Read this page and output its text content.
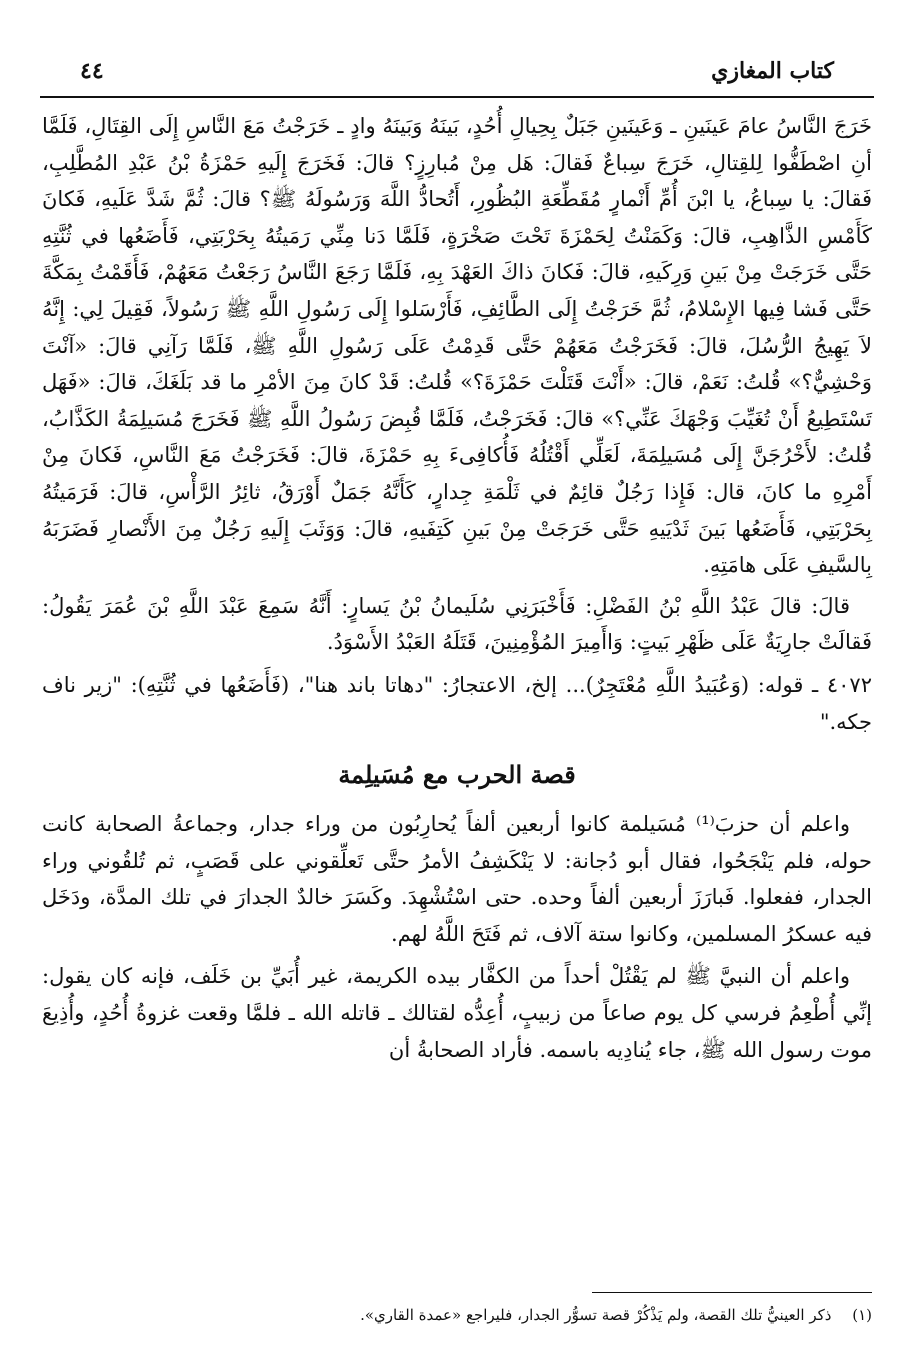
كتاب المغازي
٤٤

خَرَجَ النَّاسُ عامَ عَينَينِ ـ وَعَينَينِ جَبَلٌ بِحِيالِ أُحُدٍ، بَينَهُ وَبَينَهُ وادٍ ـ خَرَجْتُ مَعَ النَّاسِ إِلَى القِتَالِ، فَلَمَّا أنِ اصْطَفُّوا لِلقِتالِ، خَرَجَ سِباعٌ فَقالَ: هَل مِنْ مُبارِزٍ؟ قالَ: فَخَرَجَ إِلَيهِ حَمْزَةُ بْنُ عَبْدِ المُطَّلِبِ، فَقالَ: يا سِباعُ، يا ابْنَ أُمِّ أَنْمارٍ مُقَطِّعَةِ البُظُورِ، أَتُحادُّ اللَّهَ وَرَسُولَهُ ﷺ؟ قالَ: ثُمَّ شَدَّ عَلَيهِ، فَكانَ كَأَمْسِ الذَّاهِبِ، قالَ: وَكَمَنْتُ لِحَمْزَةَ تَحْتَ صَخْرَةٍ، فَلَمَّا دَنا مِنِّي رَمَيتُهُ بِحَرْبَتِي، فَأَضَعُها في ثُنَّتِهِ حَتَّى خَرَجَتْ مِنْ بَينِ وَرِكَيهِ، قالَ: فَكانَ ذاكَ العَهْدَ بِهِ، فَلَمَّا رَجَعَ النَّاسُ رَجَعْتُ مَعَهُمْ، فَأَقَمْتُ بِمَكَّةَ حَتَّى فَشا فِيها الإِسْلامُ، ثُمَّ خَرَجْتُ إِلَى الطَّائِفِ، فَأَرْسَلوا إِلَى رَسُولِ اللَّهِ ﷺ رَسُولاً، فَقِيلَ لِي: إِنَّهُ لاَ يَهِيجُ الرُّسُلَ، قالَ: فَخَرَجْتُ مَعَهُمْ حَتَّى قَدِمْتُ عَلَى رَسُولِ اللَّهِ ﷺ، فَلَمَّا رَآنِي قالَ: «آنْتَ وَحْشِيٌّ؟» قُلتُ: نَعَمْ، قالَ: «أَنْتَ قَتَلْتَ حَمْزَةَ؟» قُلتُ: قَدْ كانَ مِنَ الأمْرِ ما قد بَلَغَكَ، قالَ: «فَهَل تَسْتَطِيعُ أَنْ تُغَيِّبَ وَجْهَكَ عَنِّي؟» قالَ: فَخَرَجْتُ، فَلَمَّا قُبِضَ رَسُولُ اللَّهِ ﷺ فَخَرَجَ مُسَيلِمَةُ الكَذَّابُ، قُلتُ: لأَخْرُجَنَّ إِلَى مُسَيلِمَةَ، لَعَلِّي أَقْتُلُهُ فَأُكافِىءَ بِهِ حَمْزَةَ، قالَ: فَخَرَجْتُ مَعَ النَّاسِ، فَكانَ مِنْ أَمْرِهِ ما كانَ، قال: فَإِذا رَجُلٌ قائِمٌ في ثَلْمَةِ جِدارٍ، كَأَنَّهُ جَمَلٌ أَوْرَقُ، ثائِرُ الرَّأْسِ، قالَ: فَرَمَيتُهُ بِحَرْبَتِي، فَأَضَعُها بَينَ ثَدْيَيهِ حَتَّى خَرَجَتْ مِنْ بَينِ كَتِفَيهِ، قالَ: وَوَثَبَ إِلَيهِ رَجُلٌ مِنَ الأَنْصارِ فَضَرَبَهُ بِالسَّيفِ عَلَى هامَتِهِ.

قالَ: قالَ عَبْدُ اللَّهِ بْنُ الفَضْلِ: فَأَخْبَرَنِي سُلَيمانُ بْنُ يَسارٍ: أَنَّهُ سَمِعَ عَبْدَ اللَّهِ بْنَ عُمَرَ يَقُولُ: فَقالَتْ جارِيَةٌ عَلَى ظَهْرِ بَيتٍ: وَاأَمِيرَ المُؤْمِنِينَ، قَتَلَهُ العَبْدُ الأَسْوَدُ.

٤٠٧٢ ـ قوله: (وَعُبَيدُ اللَّهِ مُعْتَجِرٌ)... إلخ، الاعتجارُ: "دهاتا باند هنا"، (فَأَضَعُها في ثُنَّتِهِ): "زير ناف جكه."

قصة الحرب مع مُسَيلِمة

واعلم أن حزبَ⁽¹⁾ مُسَيلمة كانوا أربعين ألفاً يُحارِبُون من وراء جدار، وجماعةُ الصحابة كانت حوله، فلم يَنْجَحُوا، فقال أبو دُجانة: لا يَنْكَشِفُ الأمرُ حتَّى تَعلِّقوني على قَصَبٍ، ثم تُلقُوني وراء الجدار، ففعلوا. فَبارَزَ أربعين ألفاً وحده. حتى اسْتُشْهِدَ. وكَسَرَ خالدٌ الجدارَ في تلك المدَّة، ودَخَل فيه عسكرُ المسلمين، وكانوا ستة آلاف، ثم فَتَحَ اللَّهُ لهم.

واعلم أن النبيَّ ﷺ لم يَقْتُلْ أحداً من الكفَّار بيده الكريمة، غير أُبَيِّ بن خَلَف، فإنه كان يقول: إنِّي أُطْعِمُ فرسي كل يوم صاعاً من زبيبٍ، أُعِدُّه لقتالك ـ قاتله الله ـ فلمَّا وقعت غزوةُ أُحُدٍ، وأُذِيعَ موت رسول الله ﷺ، جاء يُنادِيه باسمه. فأراد الصحابةُ أن

(١) ذكر العينيُّ تلك القصة، ولم يَذْكُرْ قصة تسوُّر الجدار، فليراجع «عمدة القاري».
